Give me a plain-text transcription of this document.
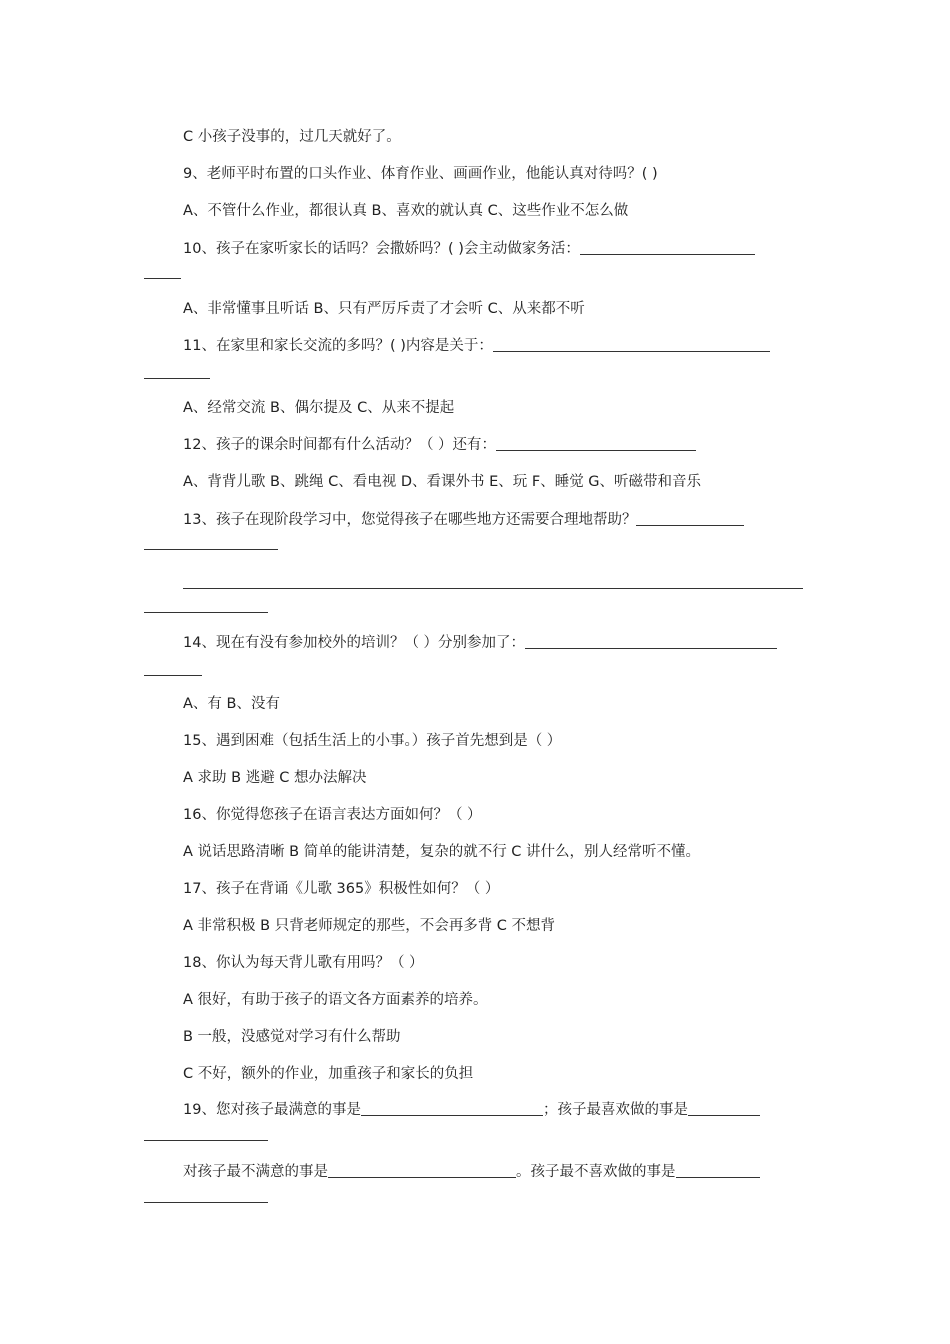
C 小孩子没事的，过几天就好了。
9、老师平时布置的口头作业、体育作业、画画作业，他能认真对待吗？( )
A、不管什么作业，都很认真 B、喜欢的就认真 C、这些作业不怎么做
10、孩子在家听家长的话吗？会撒娇吗？( )会主动做家务活：
A、非常懂事且听话 B、只有严厉斥责了才会听 C、从来都不听
11、在家里和家长交流的多吗？( )内容是关于：
A、经常交流 B、偶尔提及 C、从来不提起
12、孩子的课余时间都有什么活动？（ ）还有：
A、背背儿歌 B、跳绳 C、看电视 D、看课外书 E、玩 F、睡觉 G、听磁带和音乐
13、孩子在现阶段学习中，您觉得孩子在哪些地方还需要合理地帮助？
14、现在有没有参加校外的培训？（ ）分别参加了：
A、有 B、没有
15、遇到困难（包括生活上的小事。）孩子首先想到是（ ）
A 求助 B 逃避 C 想办法解决
16、你觉得您孩子在语言表达方面如何？（ ）
A 说话思路清晰 B 简单的能讲清楚，复杂的就不行 C 讲什么，别人经常听不懂。
17、孩子在背诵《儿歌 365》积极性如何？（ ）
A 非常积极 B 只背老师规定的那些，不会再多背 C 不想背
18、你认为每天背儿歌有用吗？（ ）
A 很好，有助于孩子的语文各方面素养的培养。
B 一般，没感觉对学习有什么帮助
C 不好，额外的作业，加重孩子和家长的负担
19、您对孩子最满意的事是	；孩子最喜欢做的事是
对孩子最不满意的事是	。孩子最不喜欢做的事是
